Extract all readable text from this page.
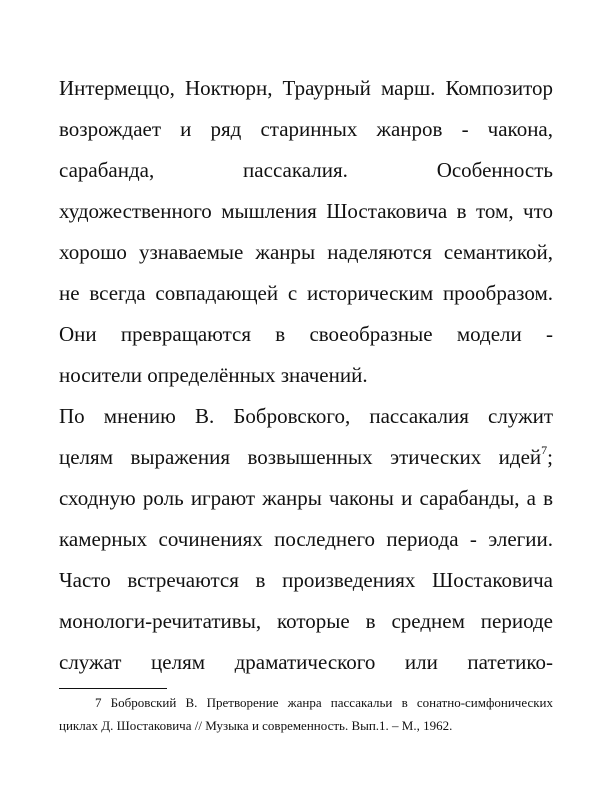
Интермеццо, Ноктюрн, Траурный марш. Композитор
возрождает и ряд старинных жанров - чакона,
сарабанда, пассакалия. Особенность
художественного мышления Шостаковича в том, что
хорошо узнаваемые жанры наделяются семантикой,
не всегда совпадающей с историческим прообразом.
Они превращаются в своеобразные модели -
носители определённых значений.
По мнению В. Бобровского, пассакалия служит
целям выражения возвышенных этических идей$^7$;
сходную роль играют жанры чаконы и сарабанды, а в
камерных сочинениях последнего периода - элегии.
Часто встречаются в произведениях Шостаковича
монологи-речитативы, которые в среднем периоде
служат целям драматического или патетико-
7 Бобровский В. Претворение жанра пассакальи в сонатно-симфонических
циклах Д. Шостаковича // Музыка и современность. Вып.1. – М., 1962.
